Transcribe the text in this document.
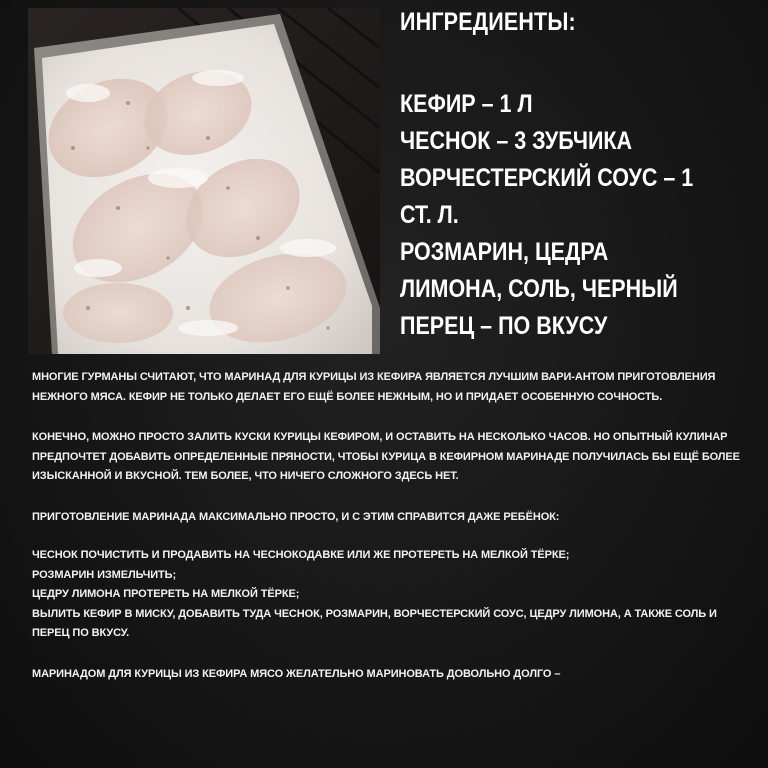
ИНГРЕДИЕНТЫ:
КЕФИР – 1 Л
ЧЕСНОК – 3 ЗУБЧИКА
ВОРЧЕСТЕРСКИЙ СОУС – 1
СТ. Л.
РОЗМАРИН, ЦЕДРА
ЛИМОНА, СОЛЬ, ЧЕРНЫЙ
ПЕРЕЦ – ПО ВКУСУ

МНОГИЕ ГУРМАНЫ СЧИТАЮТ, ЧТО МАРИНАД ДЛЯ КУРИЦЫ ИЗ КЕФИРА ЯВЛЯЕТСЯ ЛУЧШИМ ВАРИ-АНТОМ ПРИГОТОВЛЕНИЯ НЕЖНОГО МЯСА. КЕФИР НЕ ТОЛЬКО ДЕЛАЕТ ЕГО ЕЩЁ БОЛЕЕ НЕЖНЫМ, НО И ПРИДАЕТ ОСОБЕННУЮ СОЧНОСТЬ.

КОНЕЧНО, МОЖНО ПРОСТО ЗАЛИТЬ КУСКИ КУРИЦЫ КЕФИРОМ, И ОСТАВИТЬ НА НЕСКОЛЬКО ЧАСОВ. НО ОПЫТНЫЙ КУЛИНАР ПРЕДПОЧТЕТ ДОБАВИТЬ ОПРЕДЕЛЕННЫЕ ПРЯНОСТИ, ЧТОБЫ КУРИЦА В КЕФИРНОМ МАРИНАДЕ ПОЛУЧИЛАСЬ БЫ ЕЩЁ БОЛЕЕ ИЗЫСКАННОЙ И ВКУСНОЙ. ТЕМ БОЛЕЕ, ЧТО НИЧЕГО СЛОЖНОГО ЗДЕСЬ НЕТ.

ПРИГОТОВЛЕНИЕ МАРИНАДА МАКСИМАЛЬНО ПРОСТО, И С ЭТИМ СПРАВИТСЯ ДАЖЕ РЕБЁНОК:

ЧЕСНОК ПОЧИСТИТЬ И ПРОДАВИТЬ НА ЧЕСНОКОДАВКЕ ИЛИ ЖЕ ПРОТЕРЕТЬ НА МЕЛКОЙ ТЁРКЕ;

РОЗМАРИН ИЗМЕЛЬЧИТЬ;

ЦЕДРУ ЛИМОНА ПРОТЕРЕТЬ НА МЕЛКОЙ ТЁРКЕ;

ВЫЛИТЬ КЕФИР В МИСКУ, ДОБАВИТЬ ТУДА ЧЕСНОК, РОЗМАРИН, ВОРЧЕСТЕРСКИЙ СОУС, ЦЕДРУ ЛИМОНА, А ТАКЖЕ СОЛЬ И ПЕРЕЦ ПО ВКУСУ.

МАРИНАДОМ ДЛЯ КУРИЦЫ ИЗ КЕФИРА МЯСО ЖЕЛАТЕЛЬНО МАРИНОВАТЬ ДОВОЛЬНО ДОЛГО –
